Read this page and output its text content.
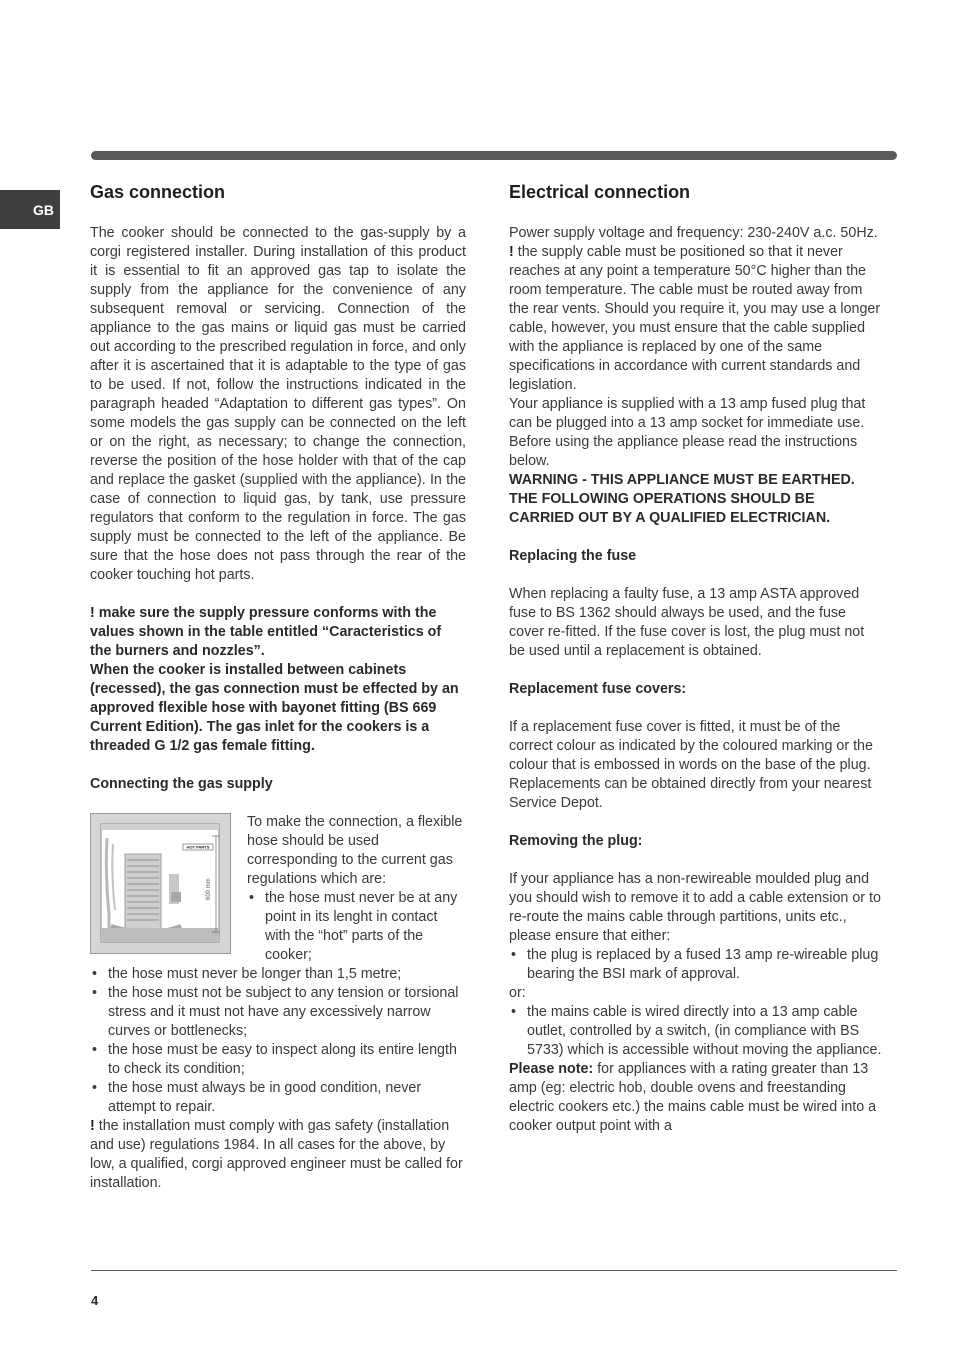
GB
Gas connection

The cooker should be connected to the gas-supply by a corgi registered installer. During installation of this product it is essential to fit an approved gas tap to isolate the supply from the appliance for the convenience of any subsequent removal or servicing. Connection of the appliance to the gas mains or liquid gas must be carried out according to the prescribed regulation in force, and only after it is ascertained that it is adaptable to the type of gas to be used. If not, follow the instructions indicated in the paragraph headed “Adaptation to different gas types”. On some models the gas supply can be connected on the left or on the right, as necessary; to change the connection, reverse the position of the hose holder with that of the cap and replace the gasket (supplied with the appliance). In the case of connection to liquid gas, by tank, use pressure regulators that conform to the regulation in force. The gas supply must be connected to the left of the appliance. Be sure that the hose does not pass through the rear of the cooker touching hot parts.

! make sure the supply pressure conforms with the values shown in the table entitled “Caracteristics of the burners and nozzles”.

When the cooker is installed between cabinets (recessed), the gas connection must be effected by an approved flexible hose with bayonet fitting (BS 669 Current Edition). The gas inlet for the cookers is a threaded G 1/2 gas female fitting.

Connecting the gas supply
HOT PARTS
600 mm

To make the connection, a flexible hose should be used corresponding to the current gas regulations which are:

• the hose must never be at any point in its lenght in contact with the “hot” parts of the cooker;
• the hose must never be longer than 1,5 metre;
• the hose must not be subject to any tension or torsional stress and it must not have any excessively narrow curves or bottlenecks;
• the hose must be easy to inspect along its entire length to check its condition;
• the hose must always be in good condition, never attempt to repair.

! the installation must comply with gas safety (installation and use) regulations 1984. In all cases for the above, by low, a qualified, corgi approved engineer must be called for installation.

Electrical connection

Power supply voltage and frequency: 230-240V a.c. 50Hz.

! the supply cable must be positioned so that it never reaches at any point a temperature 50°C higher than the room temperature. The cable must be routed away from the rear vents. Should you require it, you may use a longer cable, however, you must ensure that the cable supplied with the appliance is replaced by one of the same specifications in accordance with current standards and legislation.

Your appliance is supplied with a 13 amp fused plug that can be plugged into a 13 amp socket for immediate use. Before using the appliance please read the instructions below.

WARNING - THIS APPLIANCE MUST BE EARTHED.

THE FOLLOWING OPERATIONS SHOULD BE CARRIED OUT BY A QUALIFIED ELECTRICIAN.

Replacing the fuse

When replacing a faulty fuse, a 13 amp ASTA approved fuse to BS 1362 should always be used, and the fuse cover re-fitted. If the fuse cover is lost, the plug must not be used until a replacement is obtained.

Replacement fuse covers:

If a replacement fuse cover is fitted, it must be of the correct colour as indicated by the coloured marking or the colour that is embossed in words on the base of the plug. Replacements can be obtained directly from your nearest Service Depot.

Removing the plug:

If your appliance has a non-rewireable moulded plug and you should wish to remove it to add a cable extension or to re-route the mains cable through partitions, units etc., please ensure that either:

• the plug is replaced by a fused 13 amp re-wireable plug bearing the BSI mark of approval.

or:

• the mains cable is wired directly into a 13 amp cable outlet, controlled by a switch, (in compliance with BS 5733) which is accessible without moving the appliance.

Please note: for appliances with a rating greater than 13 amp (eg: electric hob, double ovens and freestanding electric cookers etc.) the mains cable must be wired into a cooker output point with a

4
